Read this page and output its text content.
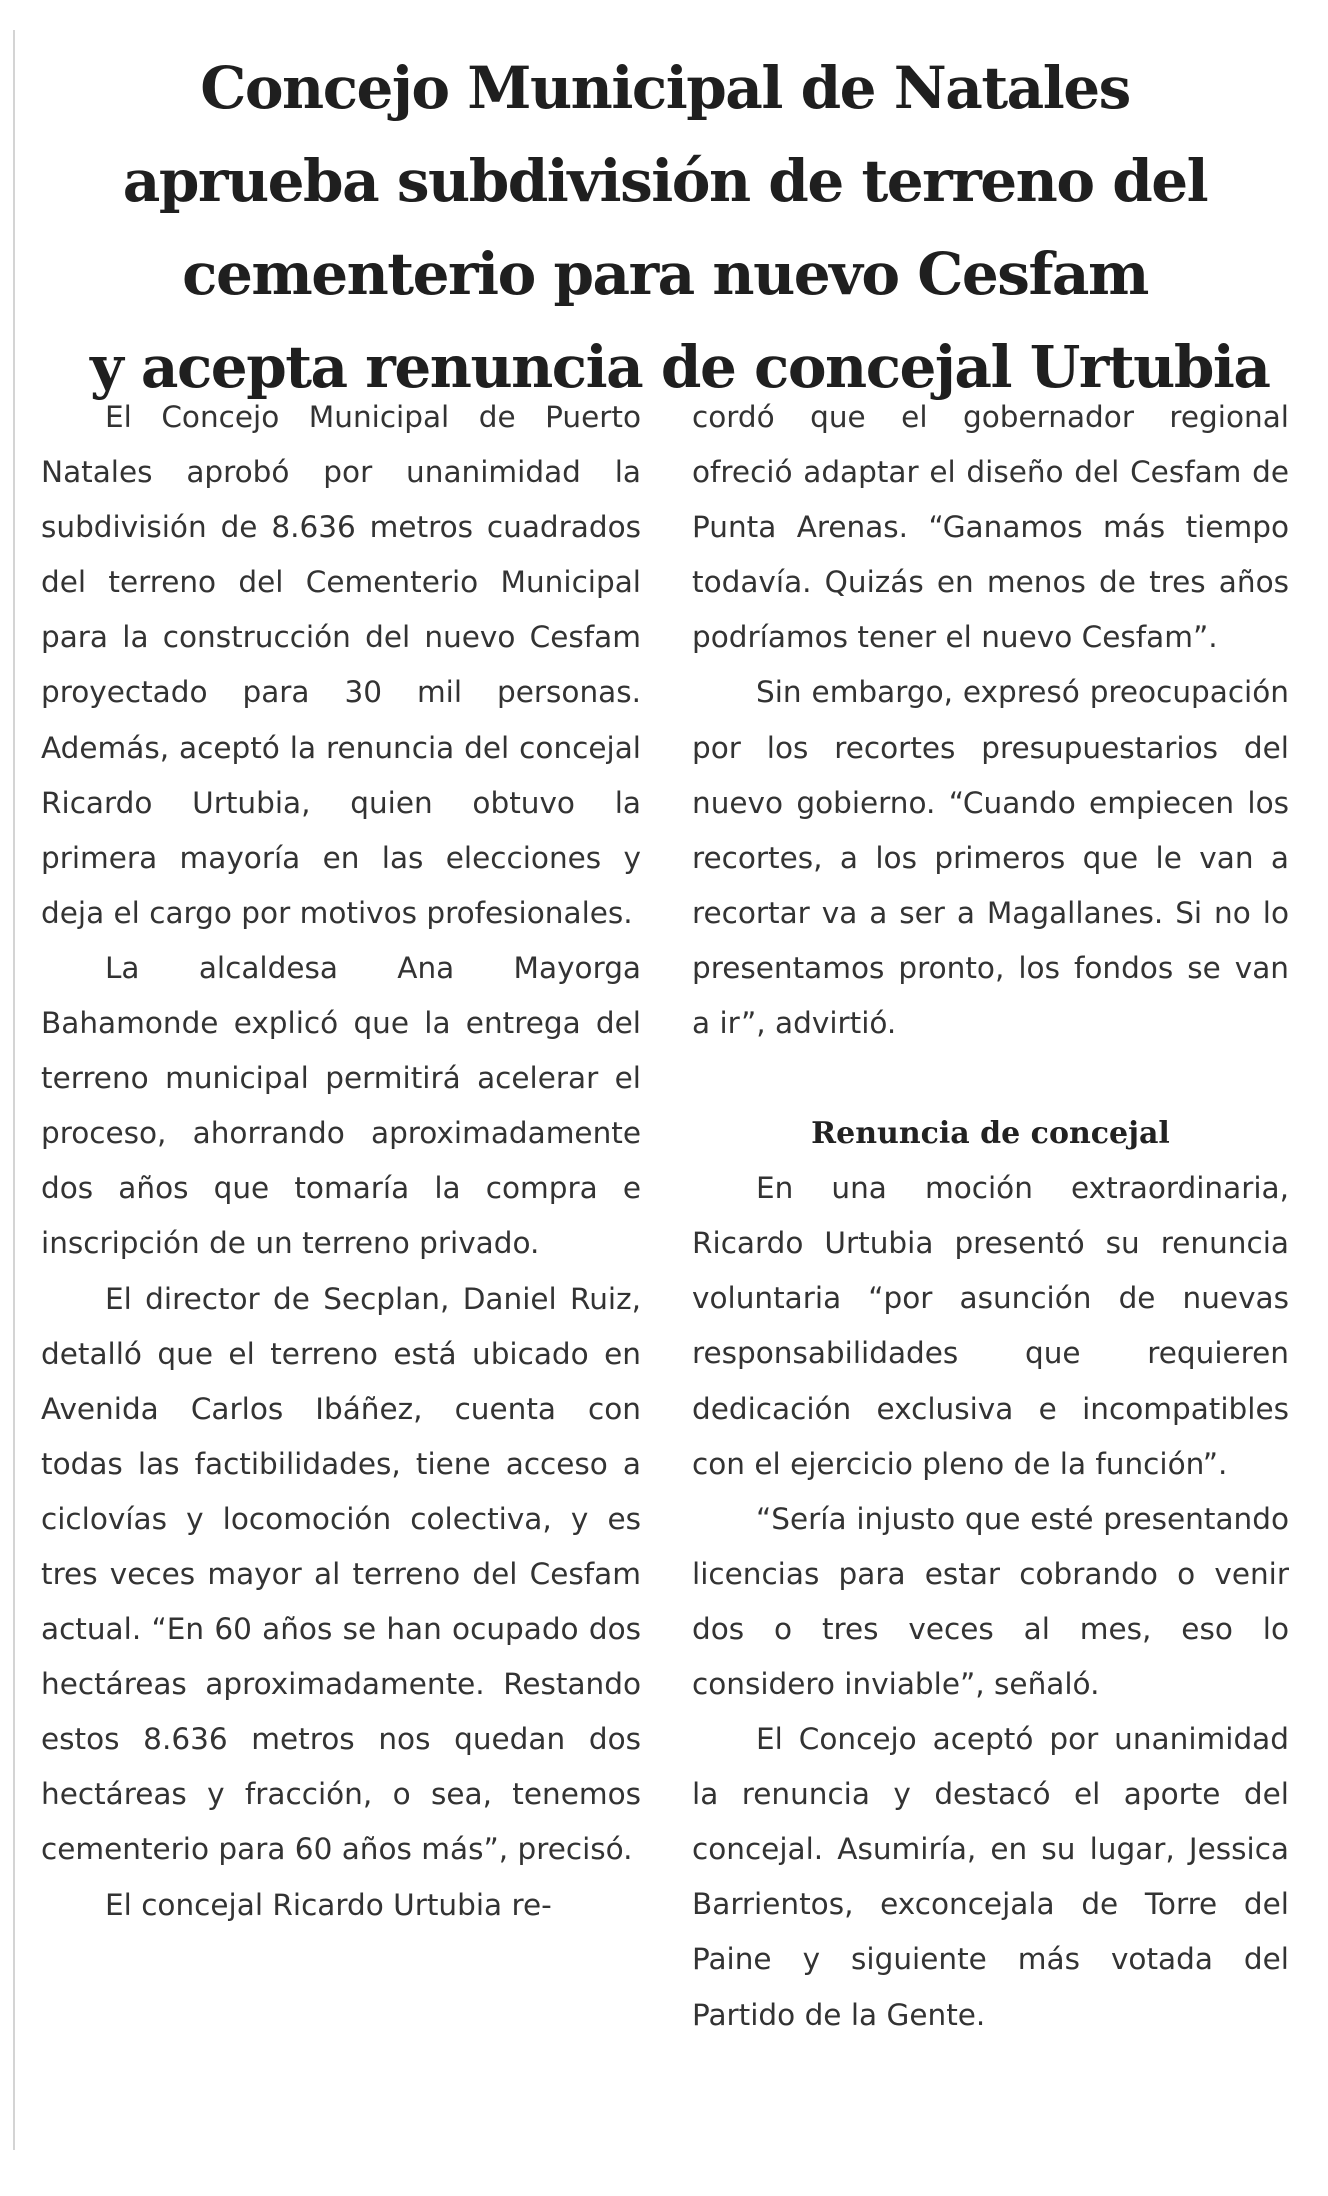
Concejo Municipal de Natales
aprueba subdivisión de terreno del
cementerio para nuevo Cesfam
y acepta renuncia de concejal Urtubia

El Concejo Municipal de Puerto Natales aprobó por unanimidad la subdivisión de 8.636 metros cuadrados del terreno del Cementerio Municipal para la construcción del nuevo Cesfam proyectado para 30 mil personas. Además, aceptó la renuncia del concejal Ricardo Urtubia, quien obtuvo la primera mayoría en las elecciones y deja el cargo por motivos profesionales.

La alcaldesa Ana Mayorga Bahamonde explicó que la entrega del terreno municipal permitirá acelerar el proceso, ahorrando aproximadamente dos años que tomaría la compra e inscripción de un terreno privado.

El director de Secplan, Daniel Ruiz, detalló que el terreno está ubicado en Avenida Carlos Ibáñez, cuenta con todas las factibilidades, tiene acceso a ciclovías y locomoción colectiva, y es tres veces mayor al terreno del Cesfam actual. “En 60 años se han ocupado dos hectáreas aproximadamente. Restando estos 8.636 metros nos quedan dos hectáreas y fracción, o sea, tenemos cementerio para 60 años más”, precisó.

El concejal Ricardo Urtubia re-

cordó que el gobernador regional ofreció adaptar el diseño del Cesfam de Punta Arenas. “Ganamos más tiempo todavía. Quizás en menos de tres años podríamos tener el nuevo Cesfam”.

Sin embargo, expresó preocupación por los recortes presupuestarios del nuevo gobierno. “Cuando empiecen los recortes, a los primeros que le van a recortar va a ser a Magallanes. Si no lo presentamos pronto, los fondos se van a ir”, advirtió.

Renuncia de concejal

En una moción extraordinaria, Ricardo Urtubia presentó su renuncia voluntaria “por asunción de nuevas responsabilidades que requieren dedicación exclusiva e incompatibles con el ejercicio pleno de la función”.

“Sería injusto que esté presentando licencias para estar cobrando o venir dos o tres veces al mes, eso lo considero inviable”, señaló.

El Concejo aceptó por unanimidad la renuncia y destacó el aporte del concejal. Asumiría, en su lugar, Jessica Barrientos, exconcejala de Torre del Paine y siguiente más votada del Partido de la Gente.
